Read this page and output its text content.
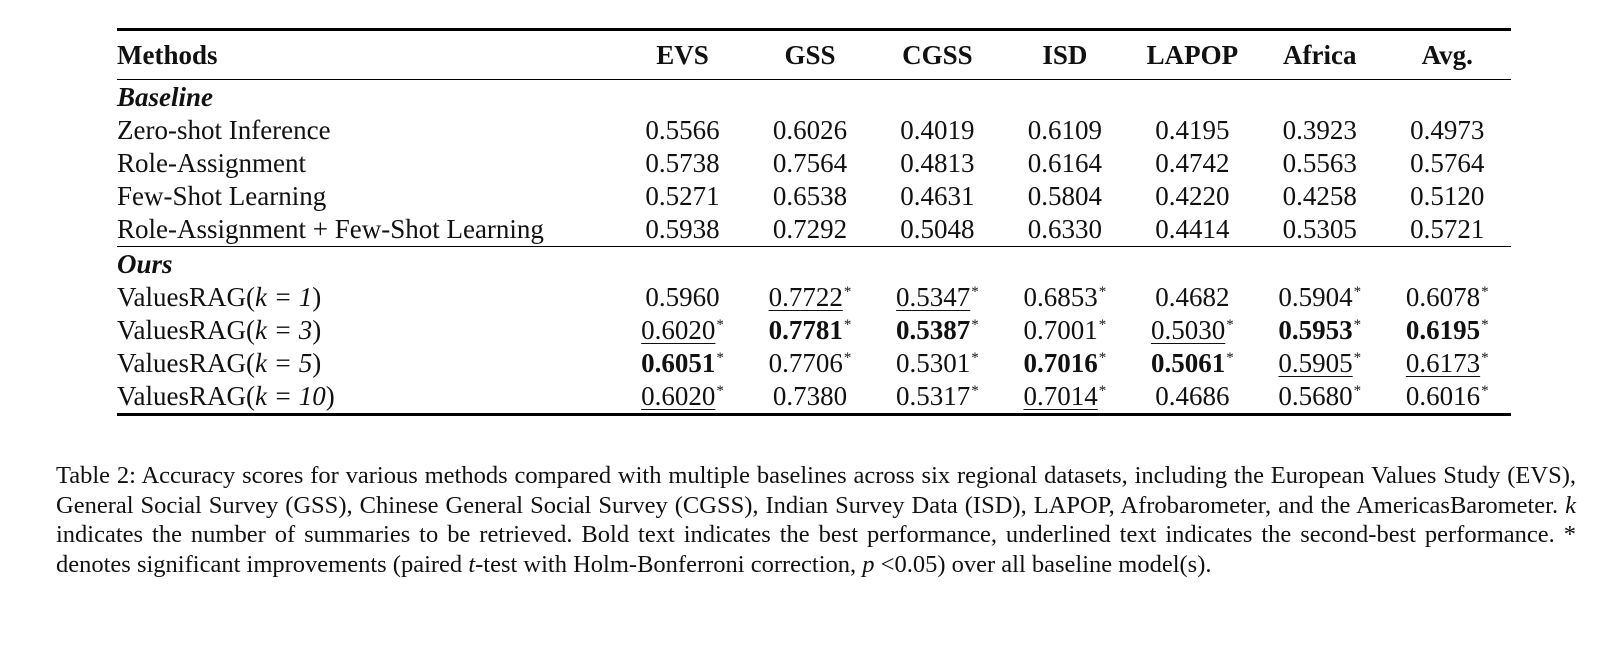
Methods	EVS	GSS	CGSS	ISD	LAPOP	Africa	Avg.
Baseline							
Zero-shot Inference	0.5566	0.6026	0.4019	0.6109	0.4195	0.3923	0.4973
Role-Assignment	0.5738	0.7564	0.4813	0.6164	0.4742	0.5563	0.5764
Few-Shot Learning	0.5271	0.6538	0.4631	0.5804	0.4220	0.4258	0.5120
Role-Assignment + Few-Shot Learning	0.5938	0.7292	0.5048	0.6330	0.4414	0.5305	0.5721
Ours							
ValuesRAG(k = 1)	0.5960	0.7722*	0.5347*	0.6853*	0.4682	0.5904*	0.6078*
ValuesRAG(k = 3)	0.6020*	0.7781*	0.5387*	0.7001*	0.5030*	0.5953*	0.6195*
ValuesRAG(k = 5)	0.6051*	0.7706*	0.5301*	0.7016*	0.5061*	0.5905*	0.6173*
ValuesRAG(k = 10)	0.6020*	0.7380	0.5317*	0.7014*	0.4686	0.5680*	0.6016*

Table 2: Accuracy scores for various methods compared with multiple baselines across six regional datasets, including the European Values Study (EVS), General Social Survey (GSS), Chinese General Social Survey (CGSS), Indian Survey Data (ISD), LAPOP, Afrobarometer, and the AmericasBarometer. k indicates the number of summaries to be retrieved. Bold text indicates the best performance, underlined text indicates the second-best performance. * denotes significant improvements (paired t-test with Holm-Bonferroni correction, p <0.05) over all baseline model(s).
